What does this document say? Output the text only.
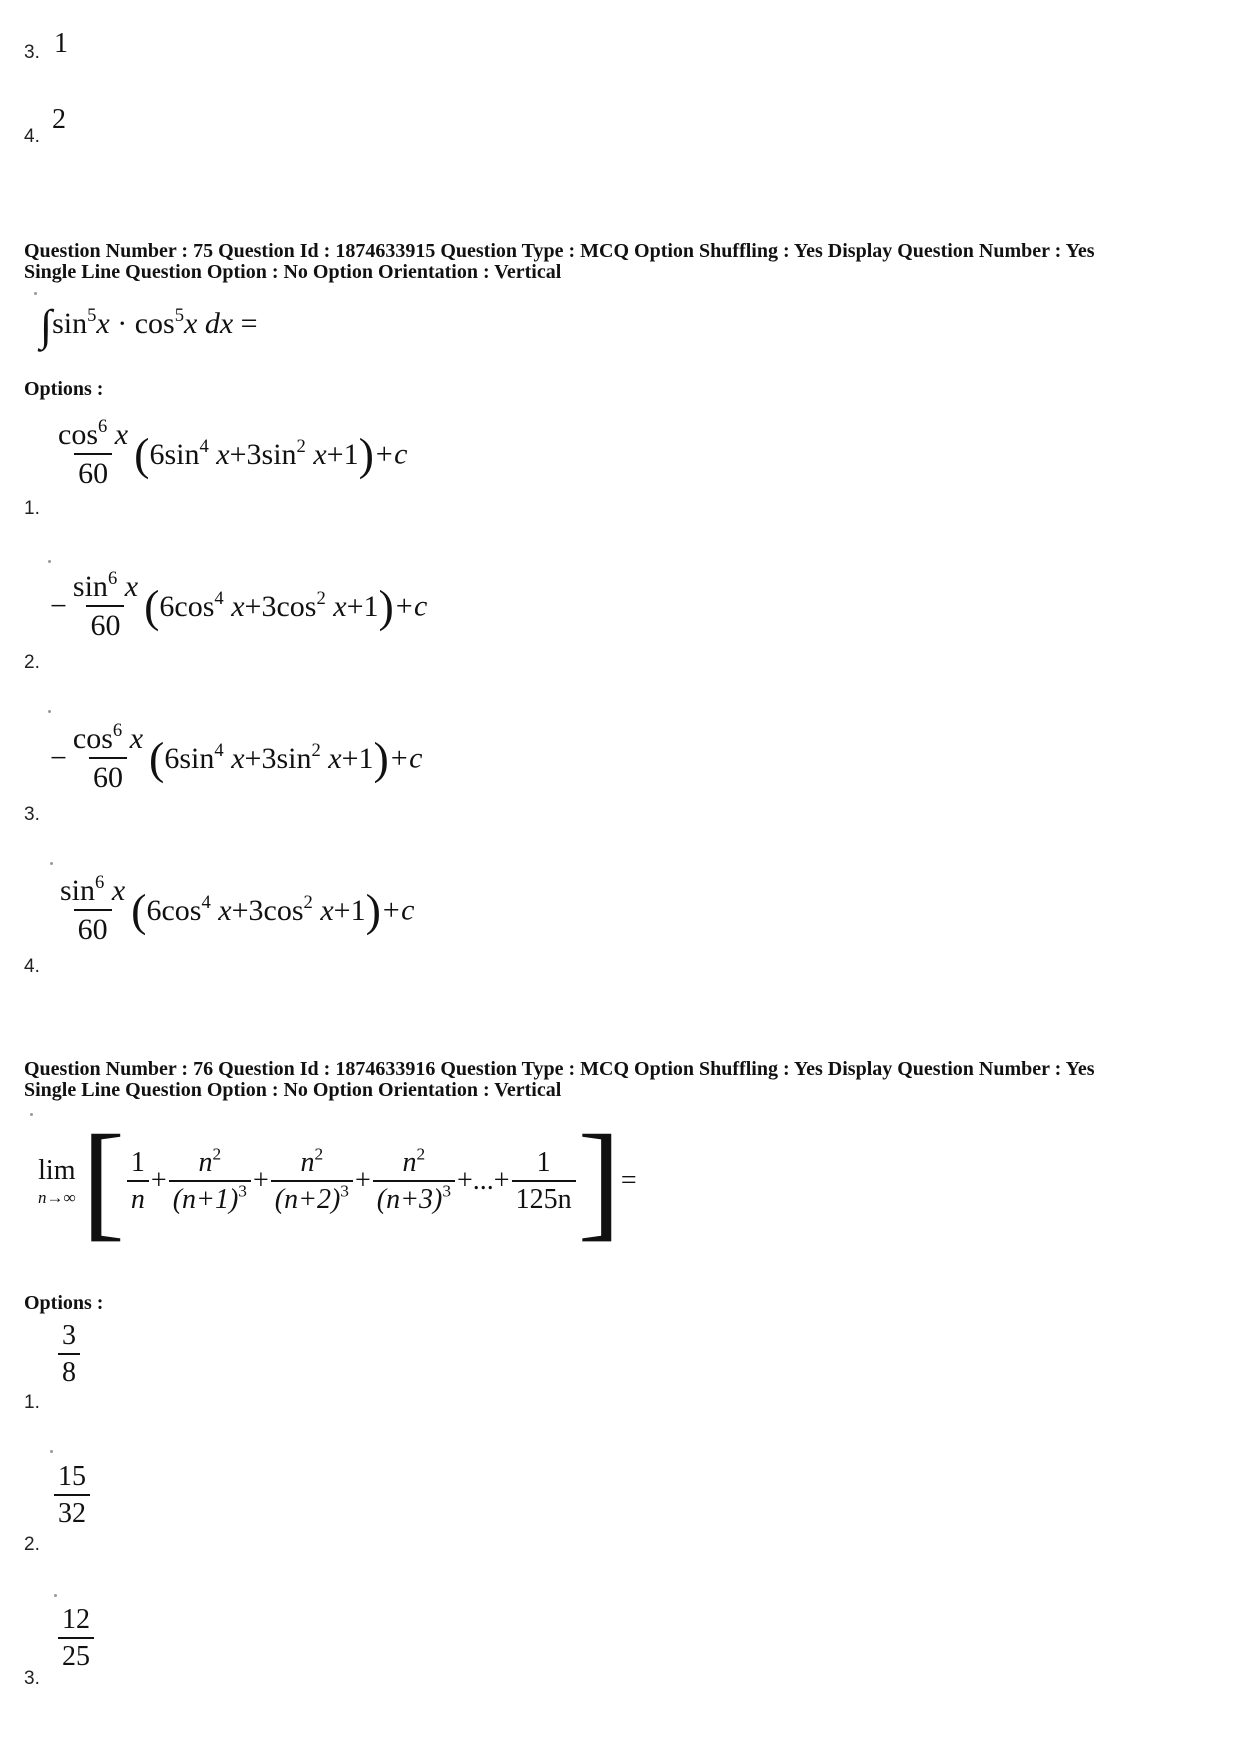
3. 1
4.
2
Question Number : 75 Question Id : 1874633915 Question Type : MCQ Option Shuffling : Yes Display Question Number : Yes
Single Line Question Option : No Option Orientation : Vertical
$\int\sin^5x \cdot \cos^5x$ dx =
Options :
1.
$\frac{\cos^6 x}{60} (6\sin^4$ $x+3\sin^2$ x+1)+c
2.
− $\frac{\sin^6 x}{60} (6\cos^4$ $x+3\cos^2$ x+1)+c
3.
− $\frac{\cos^6 x}{60} (6\sin^4$ $x+3\sin^2$ x+1)+c
4.
$\frac{\sin^6 x}{60} (6\cos^4$ $x+3\cos^2$ x+1)+c
Question Number : 76 Question Id : 1874633916 Question Type : MCQ Option Shuffling : Yes Display Question Number : Yes
Single Line Question Option : No Option Orientation : Vertical
lim
n→∞ [ $\frac{1}{n} + \frac{n^2}{(n+1)^3} + \frac{n^2}{(n+2)^3} + \frac{n^2}{(n+3)^3}$ +...+ $\frac{1}{125n}$ ]=
Options :
1.
$\frac{3}{8}$
2.
$\frac{15}{32}$
3.
$\frac{12}{25}$
